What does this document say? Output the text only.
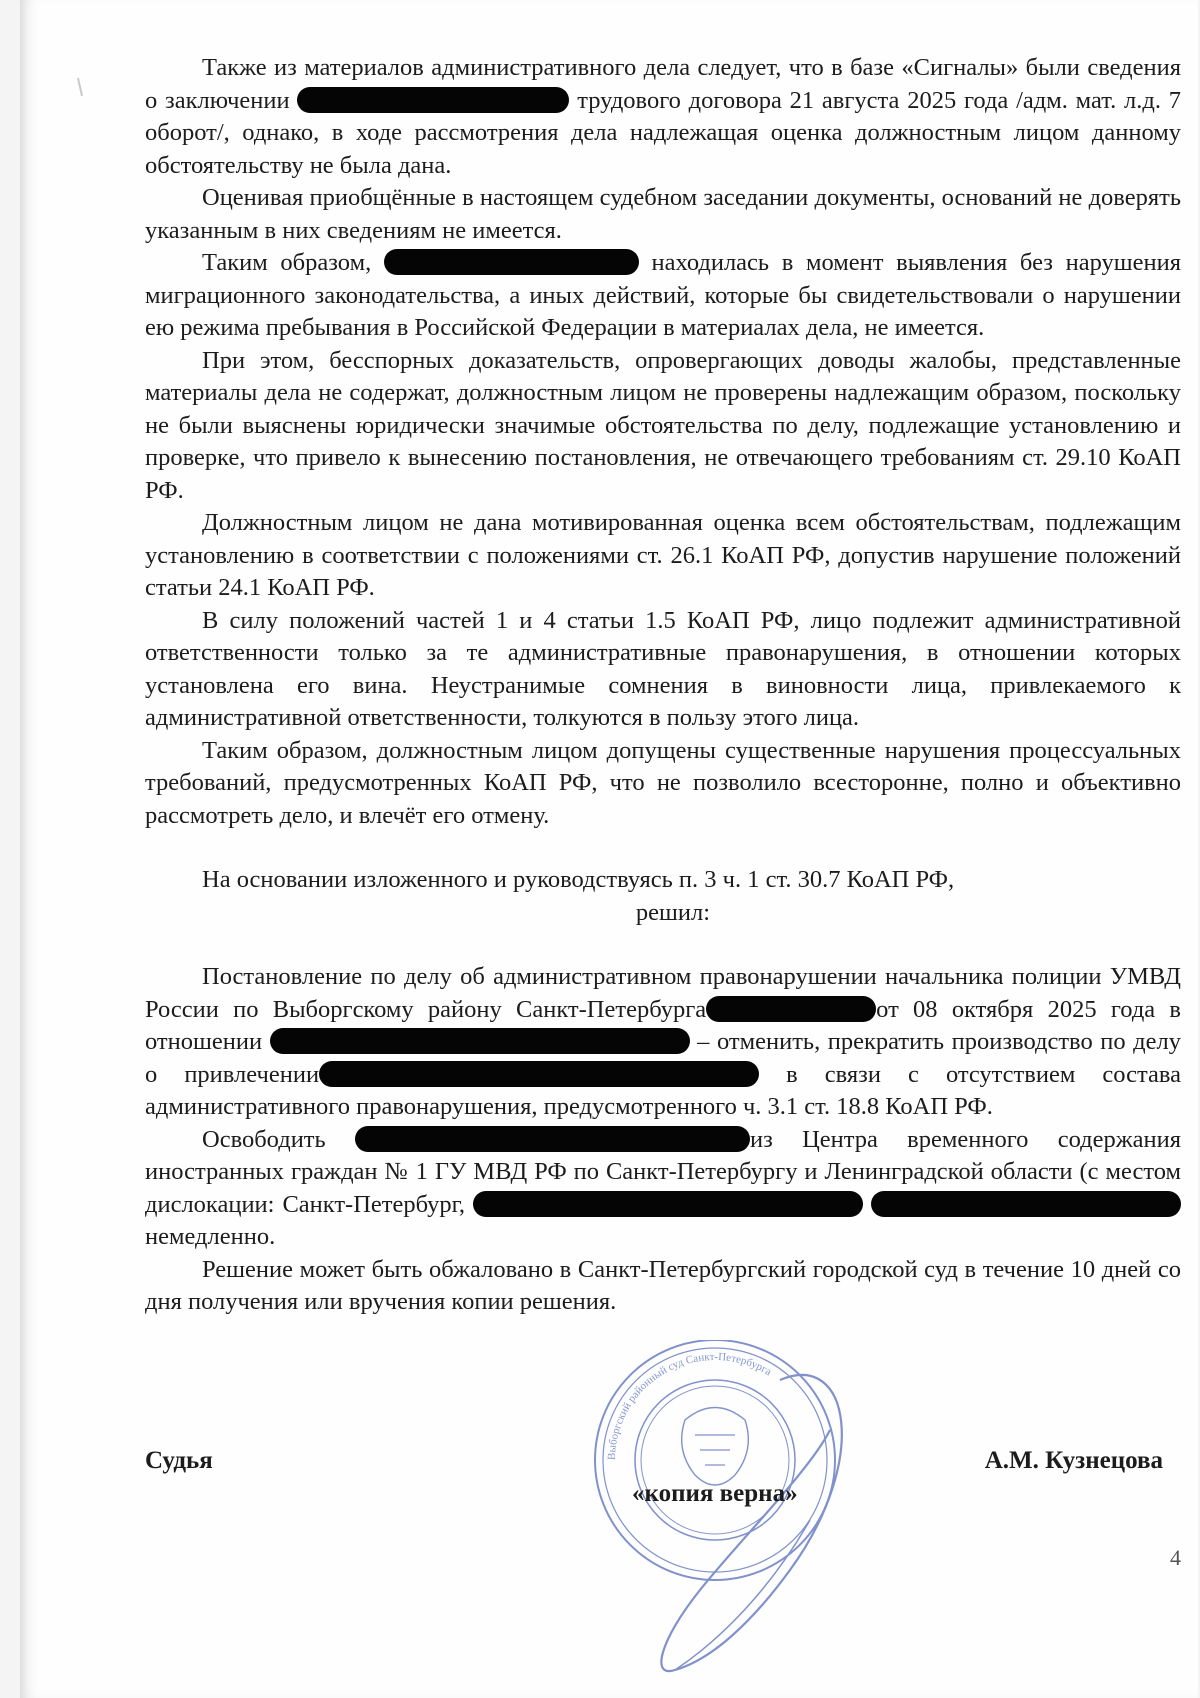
Также из материалов административного дела следует, что в базе «Сигналы» были сведения о заключении	трудового договора 21 августа 2025 года /адм. мат. л.д. 7 оборот/, однако, в ходе рассмотрения дела надлежащая оценка должностным лицом данному обстоятельству не была дана.

Оценивая приобщённые в настоящем судебном заседании документы, оснований не доверять указанным в них сведениям не имеется.

Таким образом,	находилась в момент выявления без нарушения миграционного законодательства, а иных действий, которые бы свидетельствовали о нарушении ею режима пребывания в Российской Федерации в материалах дела, не имеется.

При этом, бесспорных доказательств, опровергающих доводы жалобы, представленные материалы дела не содержат, должностным лицом не проверены надлежащим образом, поскольку не были выяснены юридически значимые обстоятельства по делу, подлежащие установлению и проверке, что привело к вынесению постановления, не отвечающего требованиям ст. 29.10 КоАП РФ.

Должностным лицом не дана мотивированная оценка всем обстоятельствам, подлежащим установлению в соответствии с положениями ст. 26.1 КоАП РФ, допустив нарушение положений статьи 24.1 КоАП РФ.

В силу положений частей 1 и 4 статьи 1.5 КоАП РФ, лицо подлежит административной ответственности только за те административные правонарушения, в отношении которых установлена его вина. Неустранимые сомнения в виновности лица, привлекаемого к административной ответственности, толкуются в пользу этого лица.

Таким образом, должностным лицом допущены существенные нарушения процессуальных требований, предусмотренных КоАП РФ, что не позволило всесторонне, полно и объективно рассмотреть дело, и влечёт его отмену.

На основании изложенного и руководствуясь п. 3 ч. 1 ст. 30.7 КоАП РФ,

решил:

Постановление по делу об административном правонарушении начальника полиции УМВД России по Выборгскому району Санкт-Петербурга	от 08 октября 2025 года в отношении	– отменить, прекратить производство по делу о привлечении	в связи с отсутствием состава административного правонарушения, предусмотренного ч. 3.1 ст. 18.8 КоАП РФ.

Освободить	из Центра временного содержания иностранных граждан № 1 ГУ МВД РФ по Санкт-Петербургу и Ленинградской области (с местом дислокации: Санкт-Петербург,   немедленно.

Решение может быть обжаловано в Санкт-Петербургский городской суд в течение 10 дней со дня получения или вручения копии решения.

Выборгский районный суд Санкт-Петербурга
Судья	А.М. Кузнецова
«копия верна»
4
